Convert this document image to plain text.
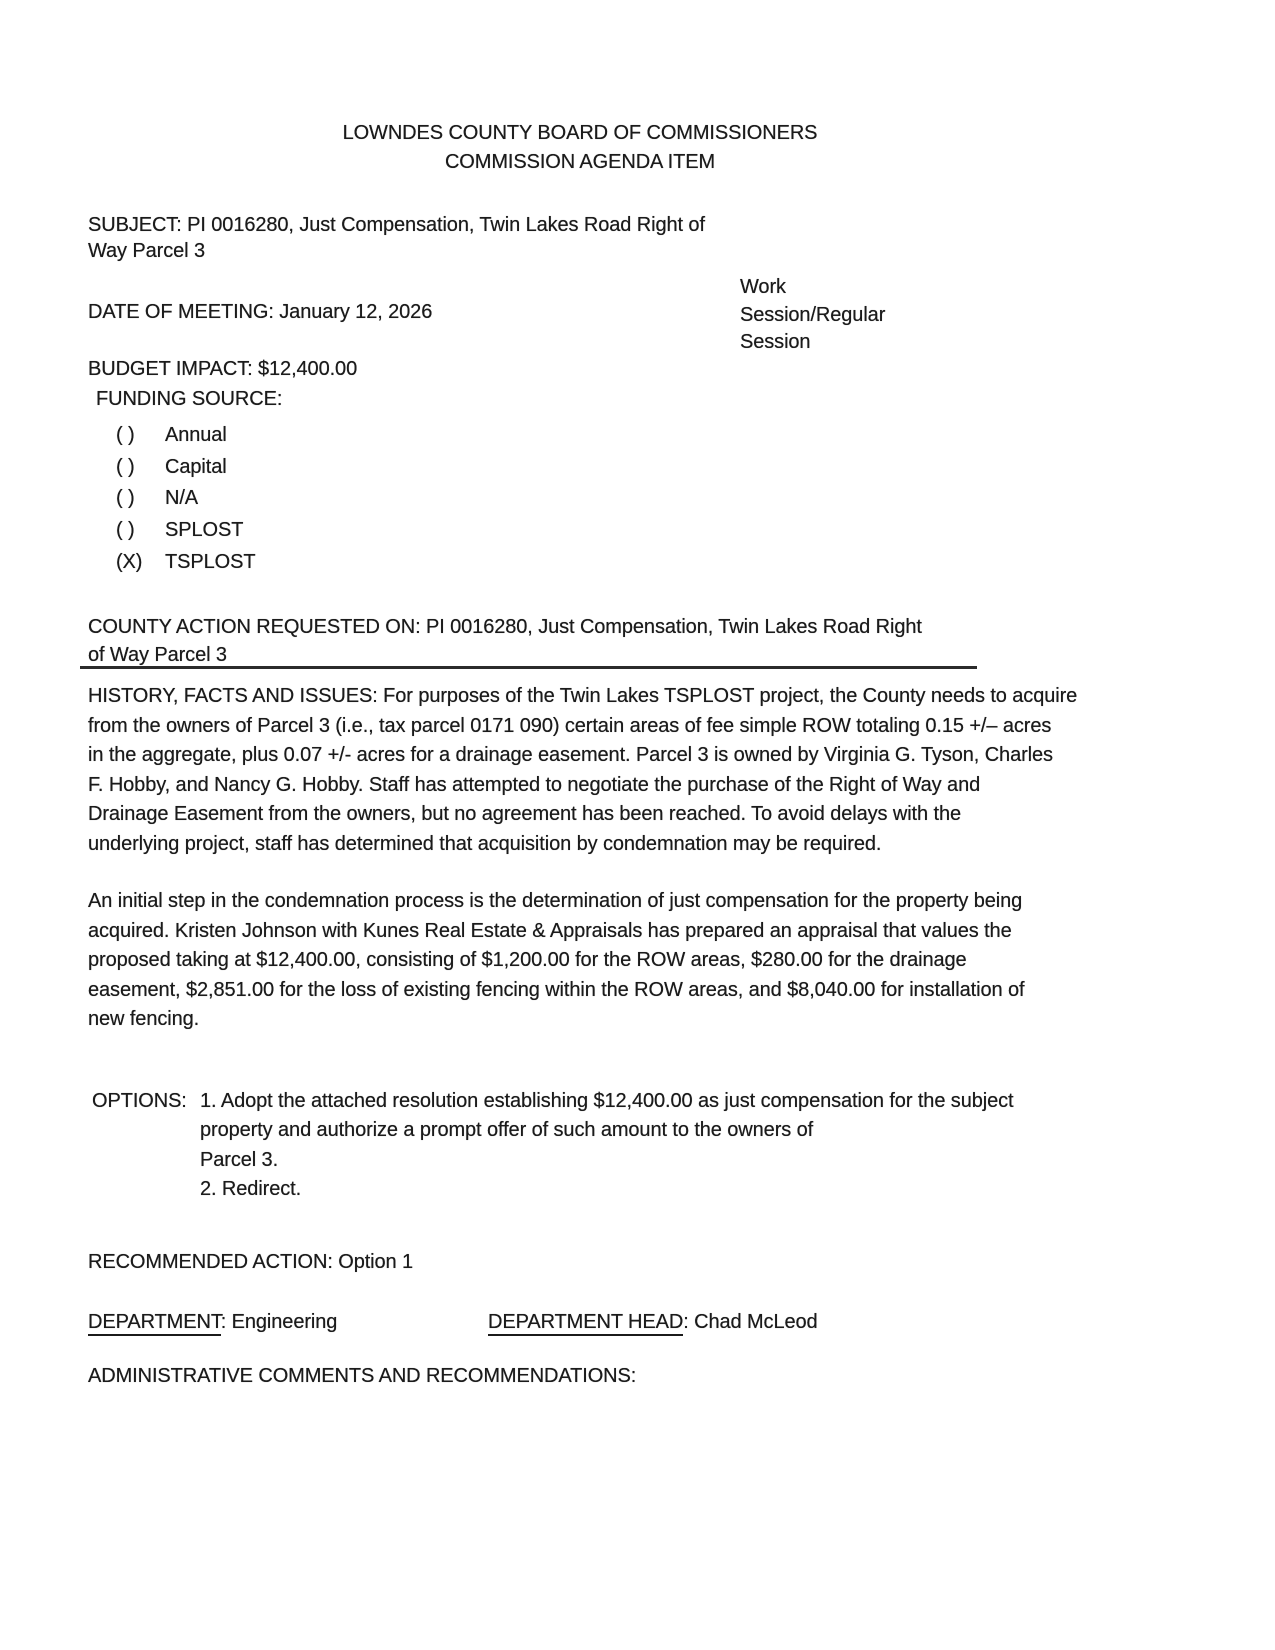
LOWNDES COUNTY BOARD OF COMMISSIONERS
COMMISSION AGENDA ITEM
SUBJECT: PI 0016280, Just Compensation, Twin Lakes Road Right of
Way Parcel 3
Work
Session/Regular
Session
DATE OF MEETING: January 12, 2026
BUDGET IMPACT: $12,400.00
FUNDING SOURCE:
( ) Annual
( ) Capital
( ) N/A
( ) SPLOST
(X) TSPLOST
COUNTY ACTION REQUESTED ON: PI 0016280, Just Compensation, Twin Lakes Road Right
of Way Parcel 3
HISTORY, FACTS AND ISSUES: For purposes of the Twin Lakes TSPLOST project, the County needs to acquire
from the owners of Parcel 3 (i.e., tax parcel 0171 090) certain areas of fee simple ROW totaling 0.15 +/– acres
in the aggregate, plus 0.07 +/- acres for a drainage easement. Parcel 3 is owned by Virginia G. Tyson, Charles
F. Hobby, and Nancy G. Hobby. Staff has attempted to negotiate the purchase of the Right of Way and
Drainage Easement from the owners, but no agreement has been reached. To avoid delays with the
underlying project, staff has determined that acquisition by condemnation may be required.
An initial step in the condemnation process is the determination of just compensation for the property being
acquired. Kristen Johnson with Kunes Real Estate & Appraisals has prepared an appraisal that values the
proposed taking at $12,400.00, consisting of $1,200.00 for the ROW areas, $280.00 for the drainage
easement, $2,851.00 for the loss of existing fencing within the ROW areas, and $8,040.00 for installation of
new fencing.
OPTIONS: 1. Adopt the attached resolution establishing $12,400.00 as just compensation for the subject
property and authorize a prompt offer of such amount to the owners of
Parcel 3.
2. Redirect.
RECOMMENDED ACTION: Option 1
DEPARTMENT: Engineering	DEPARTMENT HEAD: Chad McLeod
ADMINISTRATIVE COMMENTS AND RECOMMENDATIONS:
